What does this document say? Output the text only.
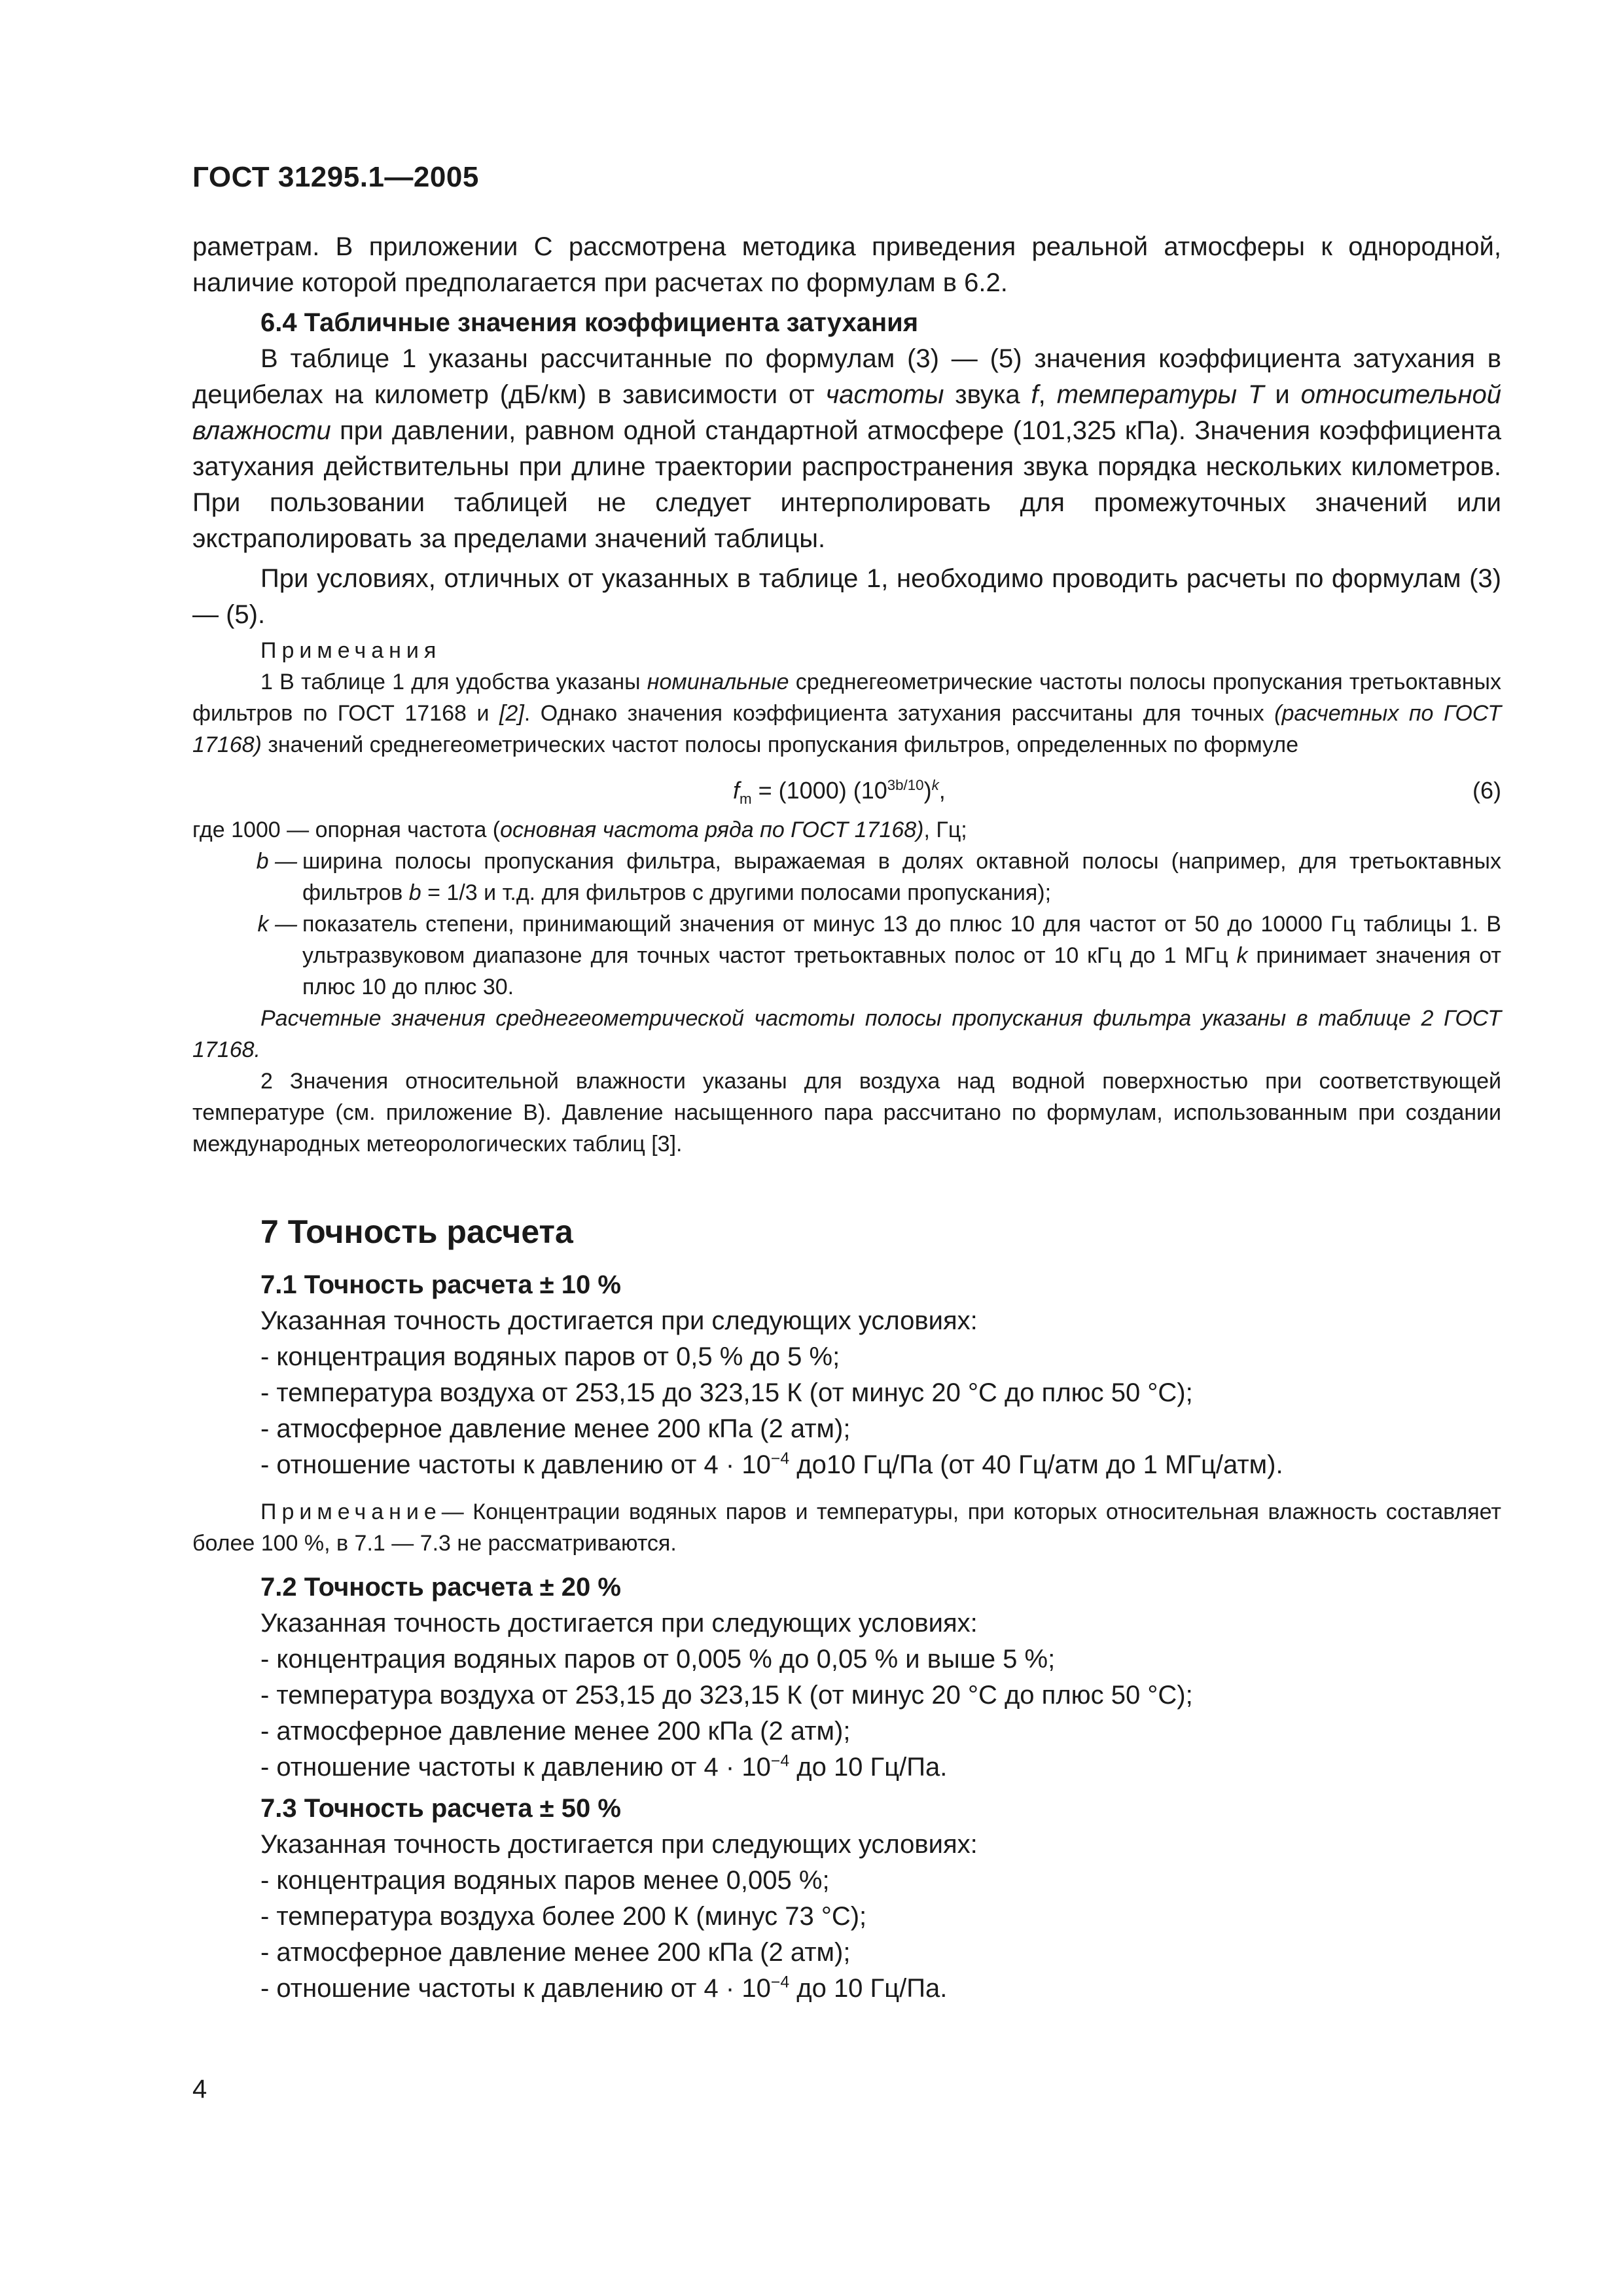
ГОСТ 31295.1—2005

раметрам. В приложении С рассмотрена методика приведения реальной атмосферы к однородной, наличие которой предполагается при расчетах по формулам в 6.2.

6.4 Табличные значения коэффициента затухания

В таблице 1 указаны рассчитанные по формулам (3) — (5) значения коэффициента затухания в децибелах на километр (дБ/км) в зависимости от частоты звука f, температуры T и относительной влажности при давлении, равном одной стандартной атмосфере (101,325 кПа). Значения коэффициента затухания действительны при длине траектории распространения звука порядка нескольких километров. При пользовании таблицей не следует интерполировать для промежуточных значений или экстраполировать за пределами значений таблицы.

При условиях, отличных от указанных в таблице 1, необходимо проводить расчеты по формулам (3) — (5).

Примечания

1 В таблице 1 для удобства указаны номинальные среднегеометрические частоты полосы пропускания третьоктавных фильтров по ГОСТ 17168 и [2]. Однако значения коэффициента затухания рассчитаны для точных (расчетных по ГОСТ 17168) значений среднегеометрических частот полосы пропускания фильтров, определенных по формуле

$f_m = (1000)$ $(10^{3b/10})^k$,	(6)

где 1000 — опорная частота (основная частота ряда по ГОСТ 17168), Гц;

b — ширина полосы пропускания фильтра, выражаемая в долях октавной полосы (например, для третьоктавных фильтров b = 1/3 и т.д. для фильтров с другими полосами пропускания);
k — показатель степени, принимающий значения от минус 13 до плюс 10 для частот от 50 до 10000 Гц таблицы 1. В ультразвуковом диапазоне для точных частот третьоктавных полос от 10 кГц до 1 МГц k принимает значения от плюс 10 до плюс 30.

Расчетные значения среднегеометрической частоты полосы пропускания фильтра указаны в таблице 2 ГОСТ 17168.

2 Значения относительной влажности указаны для воздуха над водной поверхностью при соответствующей температуре (см. приложение В). Давление насыщенного пара рассчитано по формулам, использованным при создании международных метеорологических таблиц [3].

7 Точность расчета

7.1 Точность расчета ± 10 %

Указанная точность достигается при следующих условиях:

- концентрация водяных паров от 0,5 % до 5 %;

- температура воздуха от 253,15 до 323,15 К (от минус 20 °С до плюс 50 °С);

- атмосферное давление менее 200 кПа (2 атм);

- отношение частоты к давлению от $4 \cdot 10^{-4}$ до10 Гц/Па (от 40 Гц/атм до 1 МГц/атм).

Примечание— Концентрации водяных паров и температуры, при которых относительная влажность составляет более 100 %, в 7.1 — 7.3 не рассматриваются.

7.2 Точность расчета ± 20 %

Указанная точность достигается при следующих условиях:

- концентрация водяных паров от 0,005 % до 0,05 % и выше 5 %;

- температура воздуха от 253,15 до 323,15 К (от минус 20 °С до плюс 50 °С);

- атмосферное давление менее 200 кПа (2 атм);

- отношение частоты к давлению от $4 \cdot 10^{-4}$ до 10 Гц/Па.

7.3 Точность расчета ± 50 %

Указанная точность достигается при следующих условиях:

- концентрация водяных паров менее 0,005 %;

- температура воздуха более 200 К (минус 73 °С);

- атмосферное давление менее 200 кПа (2 атм);

- отношение частоты к давлению от $4 \cdot 10^{-4}$ до 10 Гц/Па.

4
